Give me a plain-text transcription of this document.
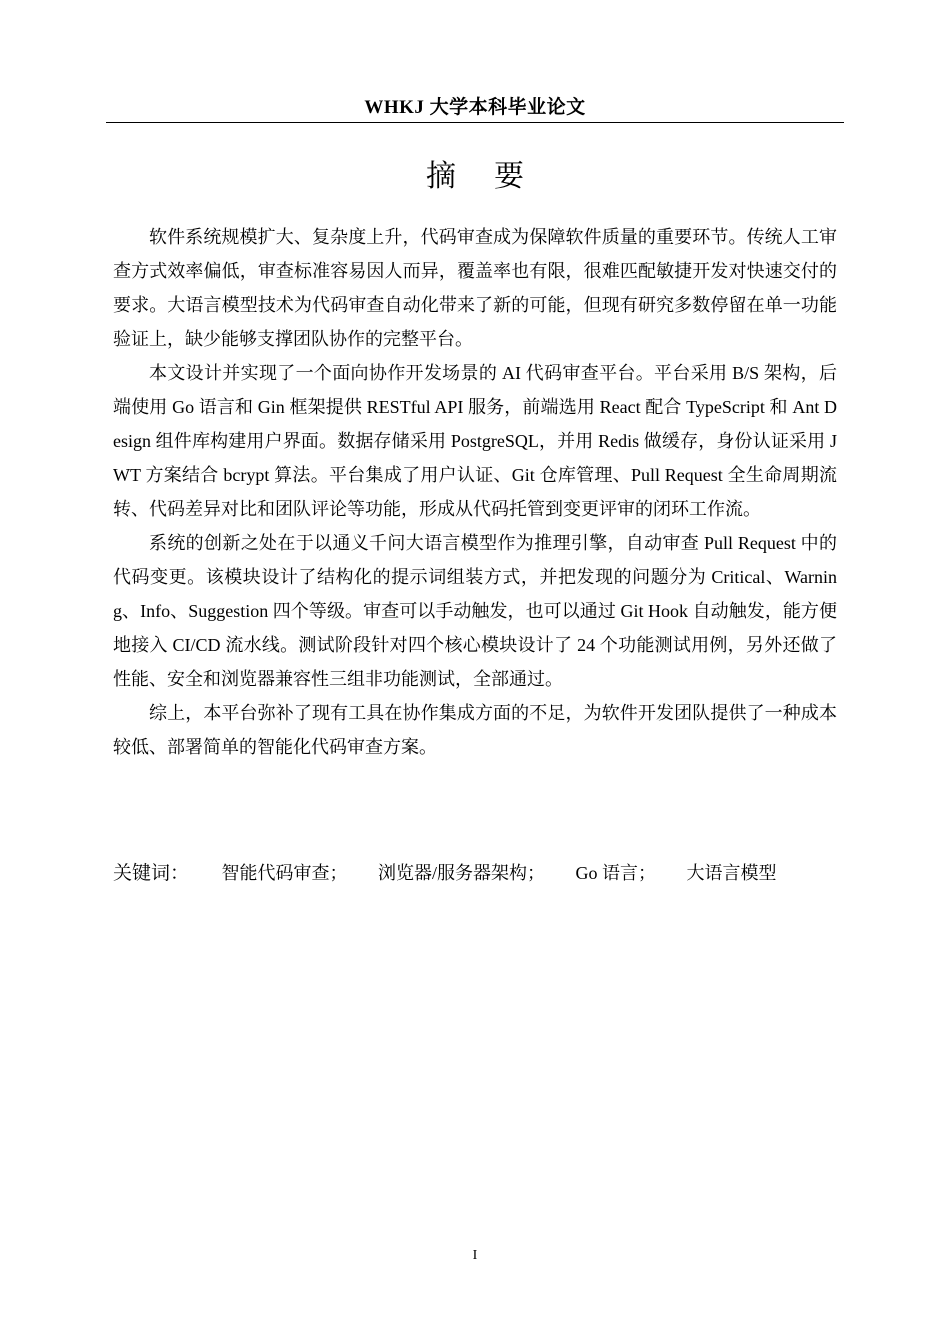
WHKJ 大学本科毕业论文
摘要

软件系统规模扩大、复杂度上升，代码审查成为保障软件质量的重要环节。传统人工审查方式效率偏低，审查标准容易因人而异，覆盖率也有限，很难匹配敏捷开发对快速交付的要求。大语言模型技术为代码审查自动化带来了新的可能，但现有研究多数停留在单一功能验证上，缺少能够支撑团队协作的完整平台。

本文设计并实现了一个面向协作开发场景的 AI 代码审查平台。平台采用 B/S 架构，后端使用 Go 语言和 Gin 框架提供 RESTful API 服务，前端选用 React 配合 TypeScript 和 Ant Design 组件库构建用户界面。数据存储采用 PostgreSQL，并用 Redis 做缓存，身份认证采用 JWT 方案结合 bcrypt 算法。平台集成了用户认证、Git 仓库管理、Pull Request 全生命周期流转、代码差异对比和团队评论等功能，形成从代码托管到变更评审的闭环工作流。

系统的创新之处在于以通义千问大语言模型作为推理引擎，自动审查 Pull Request 中的代码变更。该模块设计了结构化的提示词组装方式，并把发现的问题分为 Critical、Warning、Info、Suggestion 四个等级。审查可以手动触发，也可以通过 Git Hook 自动触发，能方便地接入 CI/CD 流水线。测试阶段针对四个核心模块设计了 24 个功能测试用例，另外还做了性能、安全和浏览器兼容性三组非功能测试，全部通过。

综上，本平台弥补了现有工具在协作集成方面的不足，为软件开发团队提供了一种成本较低、部署简单的智能化代码审查方案。

关键词： 智能代码审查； 浏览器/服务器架构； Go 语言； 大语言模型
I
